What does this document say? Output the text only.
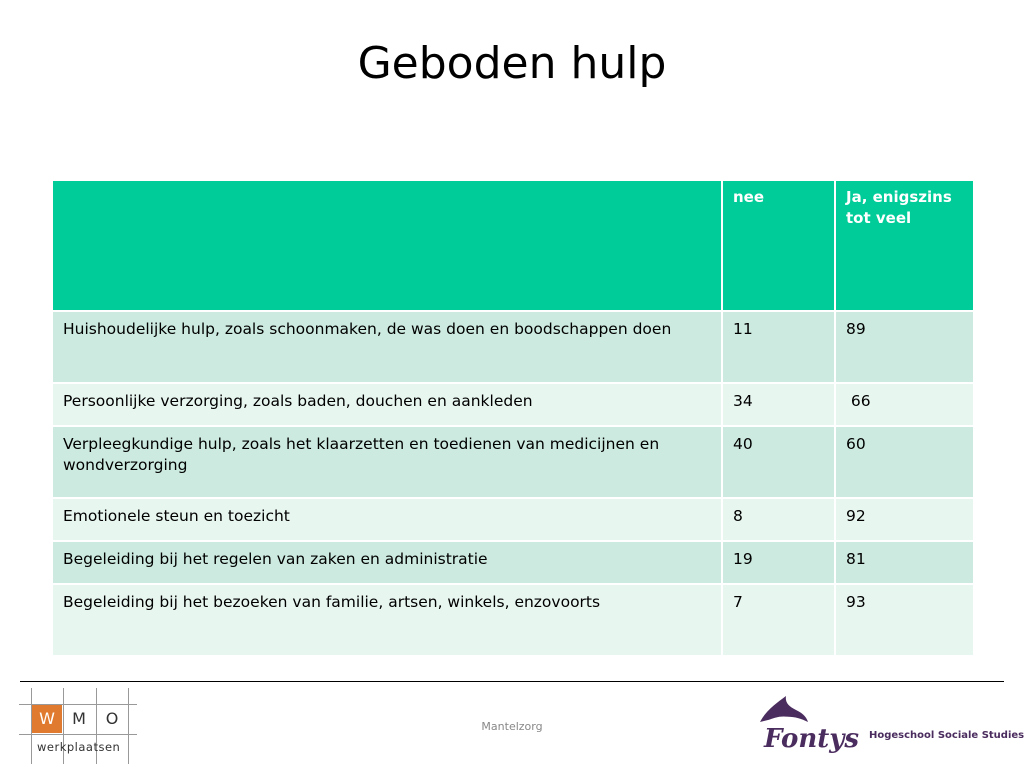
Geboden hulp
	nee	Ja, enigszins tot veel
Huishoudelijke hulp, zoals schoonmaken, de was doen en boodschappen doen	11	89
Persoonlijke verzorging, zoals baden, douchen en aankleden	34	66
Verpleegkundige hulp, zoals het klaarzetten en toedienen van medicijnen en wondverzorging	40	60
Emotionele steun en toezicht	8	92
Begeleiding bij het regelen van zaken en administratie	19	81
Begeleiding bij het bezoeken van familie, artsen, winkels, enzovoorts	7	93
W	M	O
werkplaatsen
Mantelzorg	Fontys Hogeschool Sociale Studies
